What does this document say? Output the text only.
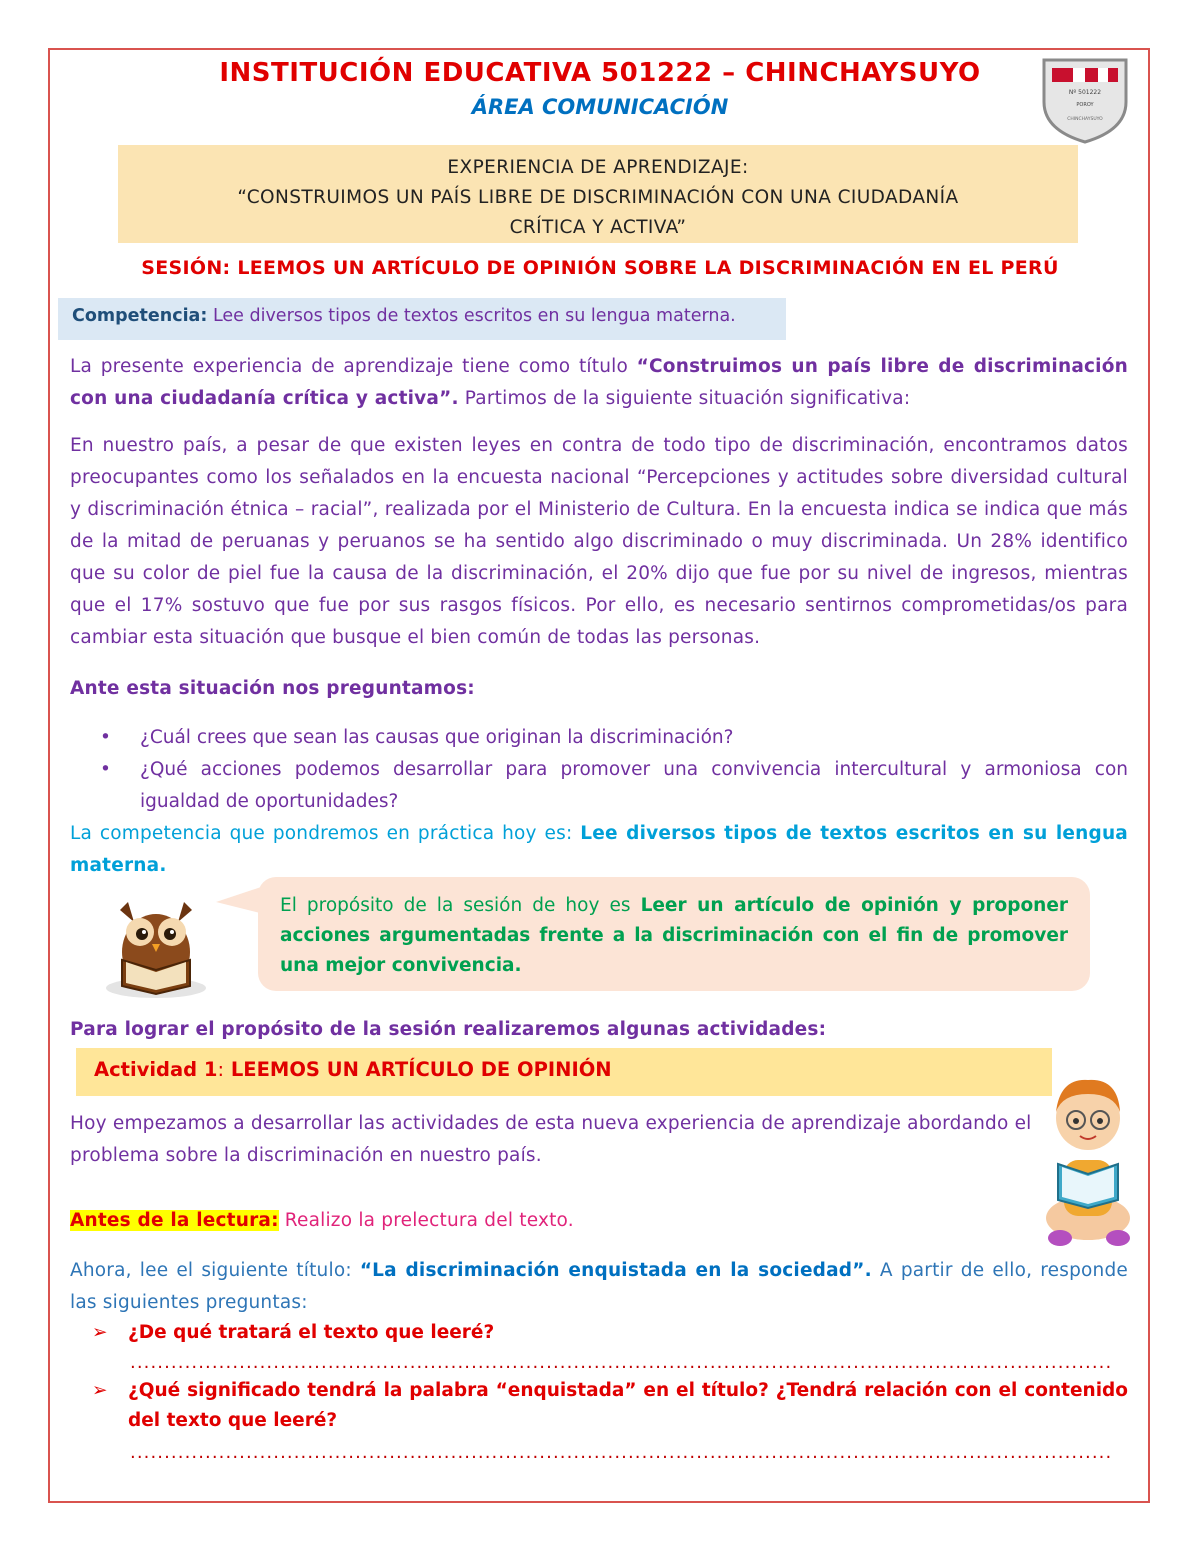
INSTITUCIÓN EDUCATIVA 501222 – CHINCHAYSUYO
ÁREA COMUNICACIÓN
Nº 501222
POROY
CHINCHAYSUYO
EXPERIENCIA DE APRENDIZAJE:
“CONSTRUIMOS UN PAÍS LIBRE DE DISCRIMINACIÓN CON UNA CIUDADANÍA
CRÍTICA Y ACTIVA”
SESIÓN: LEEMOS UN ARTÍCULO DE OPINIÓN SOBRE LA DISCRIMINACIÓN EN EL PERÚ
Competencia: Lee diversos tipos de textos escritos en su lengua materna.
La presente experiencia de aprendizaje tiene como título “Construimos un país libre de discriminación con una ciudadanía crítica y activa”. Partimos de la siguiente situación significativa:
En nuestro país, a pesar de que existen leyes en contra de todo tipo de discriminación, encontramos datos preocupantes como los señalados en la encuesta nacional “Percepciones y actitudes sobre diversidad cultural y discriminación étnica – racial”, realizada por el Ministerio de Cultura. En la encuesta indica se indica que más de la mitad de peruanas y peruanos se ha sentido algo discriminado o muy discriminada. Un 28% identifico que su color de piel fue la causa de la discriminación, el 20% dijo que fue por su nivel de ingresos, mientras que el 17% sostuvo que fue por sus rasgos físicos. Por ello, es necesario sentirnos comprometidas/os para cambiar esta situación que busque el bien común de todas las personas.
Ante esta situación nos preguntamos:
• ¿Cuál crees que sean las causas que originan la discriminación?
• ¿Qué acciones podemos desarrollar para promover una convivencia intercultural y armoniosa con igualdad de oportunidades?
La competencia que pondremos en práctica hoy es: Lee diversos tipos de textos escritos en su lengua materna.
El propósito de la sesión de hoy es Leer un artículo de opinión y proponer acciones argumentadas frente a la discriminación con el fin de promover una mejor convivencia.
Para lograr el propósito de la sesión realizaremos algunas actividades:
Actividad 1: LEEMOS UN ARTÍCULO DE OPINIÓN
Hoy empezamos a desarrollar las actividades de esta nueva experiencia de aprendizaje abordando el problema sobre la discriminación en nuestro país.
Antes de la lectura: Realizo la prelectura del texto.
Ahora, lee el siguiente título: “La discriminación enquistada en la sociedad”. A partir de ello, responde las siguientes preguntas:
➢ ¿De qué tratará el texto que leeré?
................................................................................................................................................
➢ ¿Qué significado tendrá la palabra “enquistada” en el título? ¿Tendrá relación con el contenido del texto que leeré?
................................................................................................................................................
